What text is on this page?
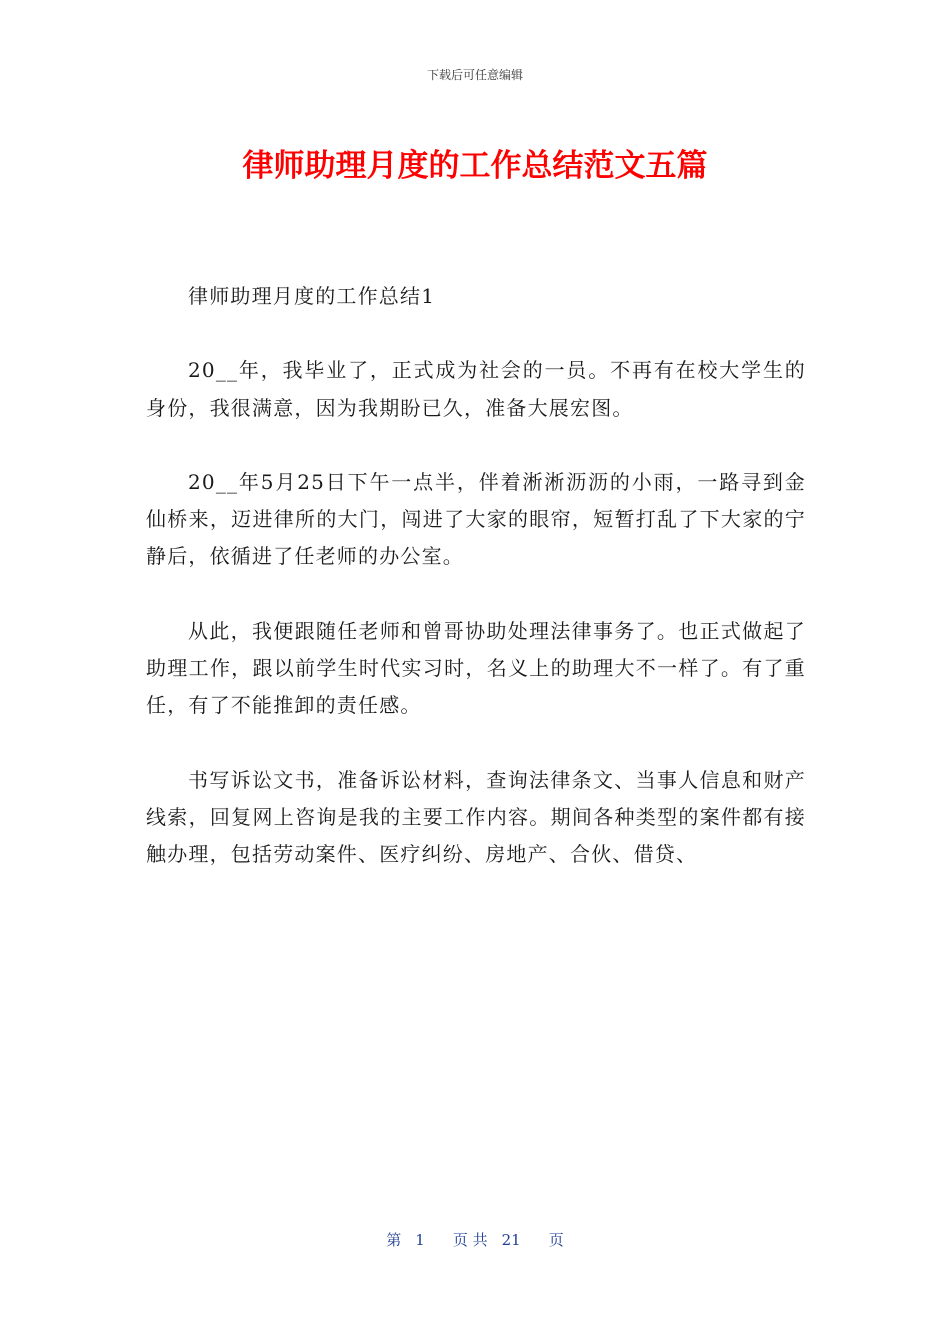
下载后可任意编辑
律师助理月度的工作总结范文五篇

律师助理月度的工作总结1

20__年，我毕业了，正式成为社会的一员。不再有在校大学生的身份，我很满意，因为我期盼已久，准备大展宏图。

20__年5月25日下午一点半，伴着淅淅沥沥的小雨，一路寻到金仙桥来，迈进律所的大门，闯进了大家的眼帘，短暂打乱了下大家的宁静后，依循进了任老师的办公室。

从此，我便跟随任老师和曾哥协助处理法律事务了。也正式做起了助理工作，跟以前学生时代实习时，名义上的助理大不一样了。有了重任，有了不能推卸的责任感。

书写诉讼文书，准备诉讼材料，查询法律条文、当事人信息和财产线索，回复网上咨询是我的主要工作内容。期间各种类型的案件都有接触办理，包括劳动案件、医疗纠纷、房地产、合伙、借贷、

第 1 页 共 21 页
